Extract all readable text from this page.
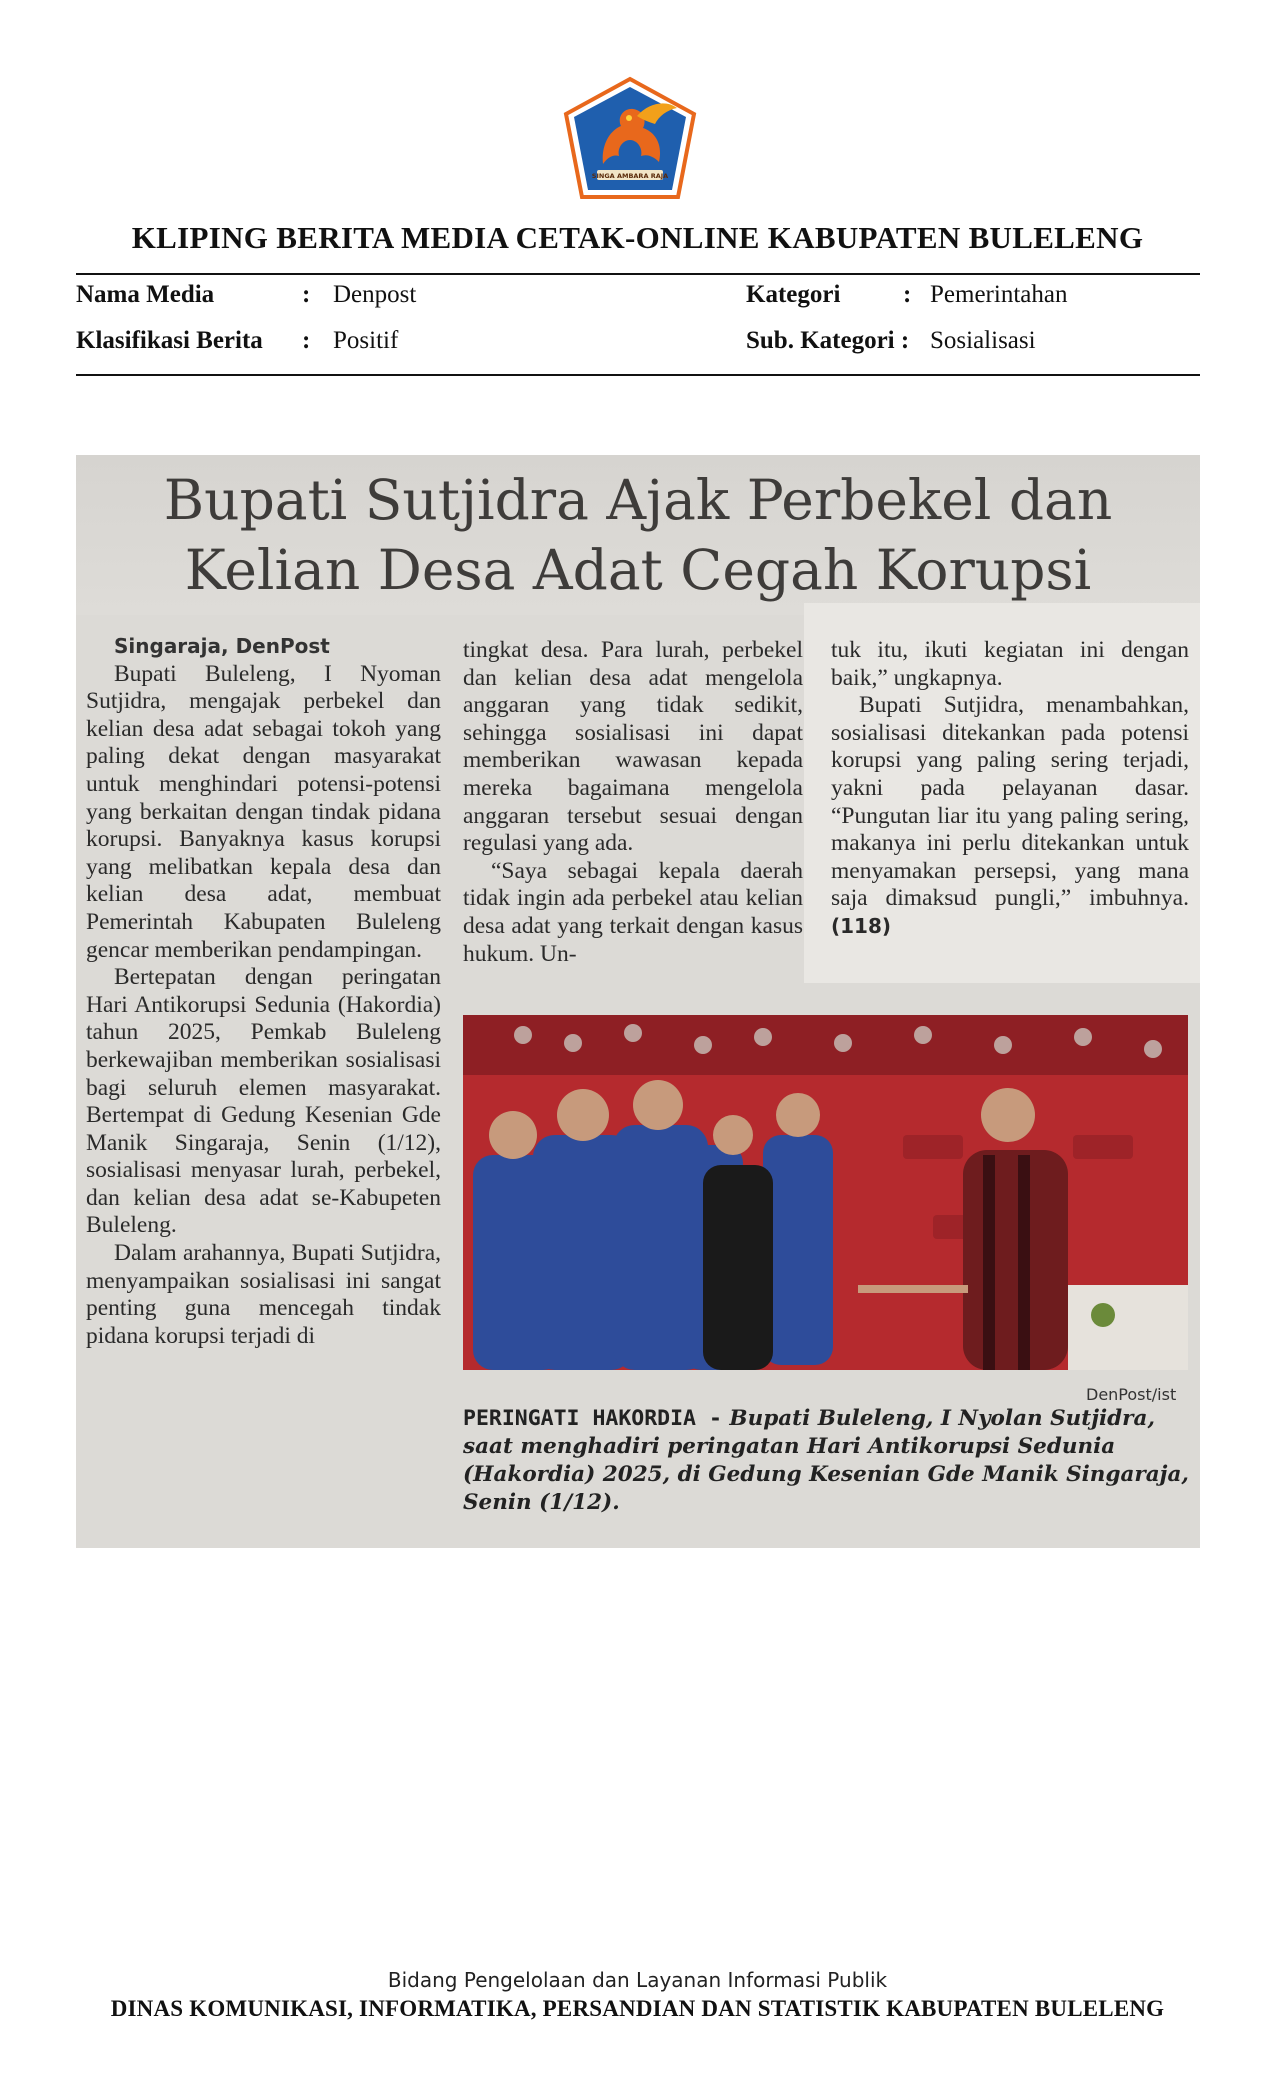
SINGA AMBARA RAJA
KLIPING BERITA MEDIA CETAK-ONLINE KABUPATEN BULELENG
Nama Media	: Denpost	Kategori	: Pemerintahan
Klasifikasi Berita : Positif	Sub. Kategori : Sosialisasi
Bupati Sutjidra Ajak Perbekel dan
Kelian Desa Adat Cegah Korupsi

Singaraja, DenPost

Bupati Buleleng, I Nyoman Sutjidra, mengajak perbekel dan kelian desa adat sebagai tokoh yang paling dekat dengan masyarakat untuk menghindari potensi-potensi yang berkaitan dengan tindak pidana korupsi. Banyaknya kasus korupsi yang melibatkan kepala desa dan kelian desa adat, membuat Pemerintah Kabupaten Buleleng gencar memberikan pendampingan.

Bertepatan dengan peringatan Hari Antikorupsi Sedunia (Hakordia) tahun 2025, Pemkab Buleleng berkewajiban memberikan sosialisasi bagi seluruh elemen masyarakat. Bertempat di Gedung Kesenian Gde Manik Singaraja, Senin (1/12), sosialisasi menyasar lurah, perbekel, dan kelian desa adat se-Kabupeten Buleleng.

Dalam arahannya, Bupati Sutjidra, menyampaikan sosialisasi ini sangat penting guna mencegah tindak pidana korupsi terjadi di

tingkat desa. Para lurah, perbekel dan kelian desa adat mengelola anggaran yang tidak sedikit, sehingga sosialisasi ini dapat memberikan wawasan kepada mereka bagaimana mengelola anggaran tersebut sesuai dengan regulasi yang ada.

“Saya sebagai kepala daerah tidak ingin ada perbekel atau kelian desa adat yang terkait dengan kasus hukum. Un-

tuk itu, ikuti kegiatan ini dengan baik,” ungkapnya.

Bupati Sutjidra, menambahkan, sosialisasi ditekankan pada potensi korupsi yang paling sering terjadi, yakni pada pelayanan dasar. “Pungutan liar itu yang paling sering, makanya ini perlu ditekankan untuk menyamakan persepsi, yang mana saja dimaksud pungli,” imbuhnya. (118)

DenPost/ist
PERINGATI HAKORDIA - Bupati Buleleng, I Nyolan Sutjidra, saat menghadiri peringatan Hari Antikorupsi Sedunia (Hakordia) 2025, di Gedung Kesenian Gde Manik Singaraja, Senin (1/12).
Bidang Pengelolaan dan Layanan Informasi Publik
DINAS KOMUNIKASI, INFORMATIKA, PERSANDIAN DAN STATISTIK KABUPATEN BULELENG
